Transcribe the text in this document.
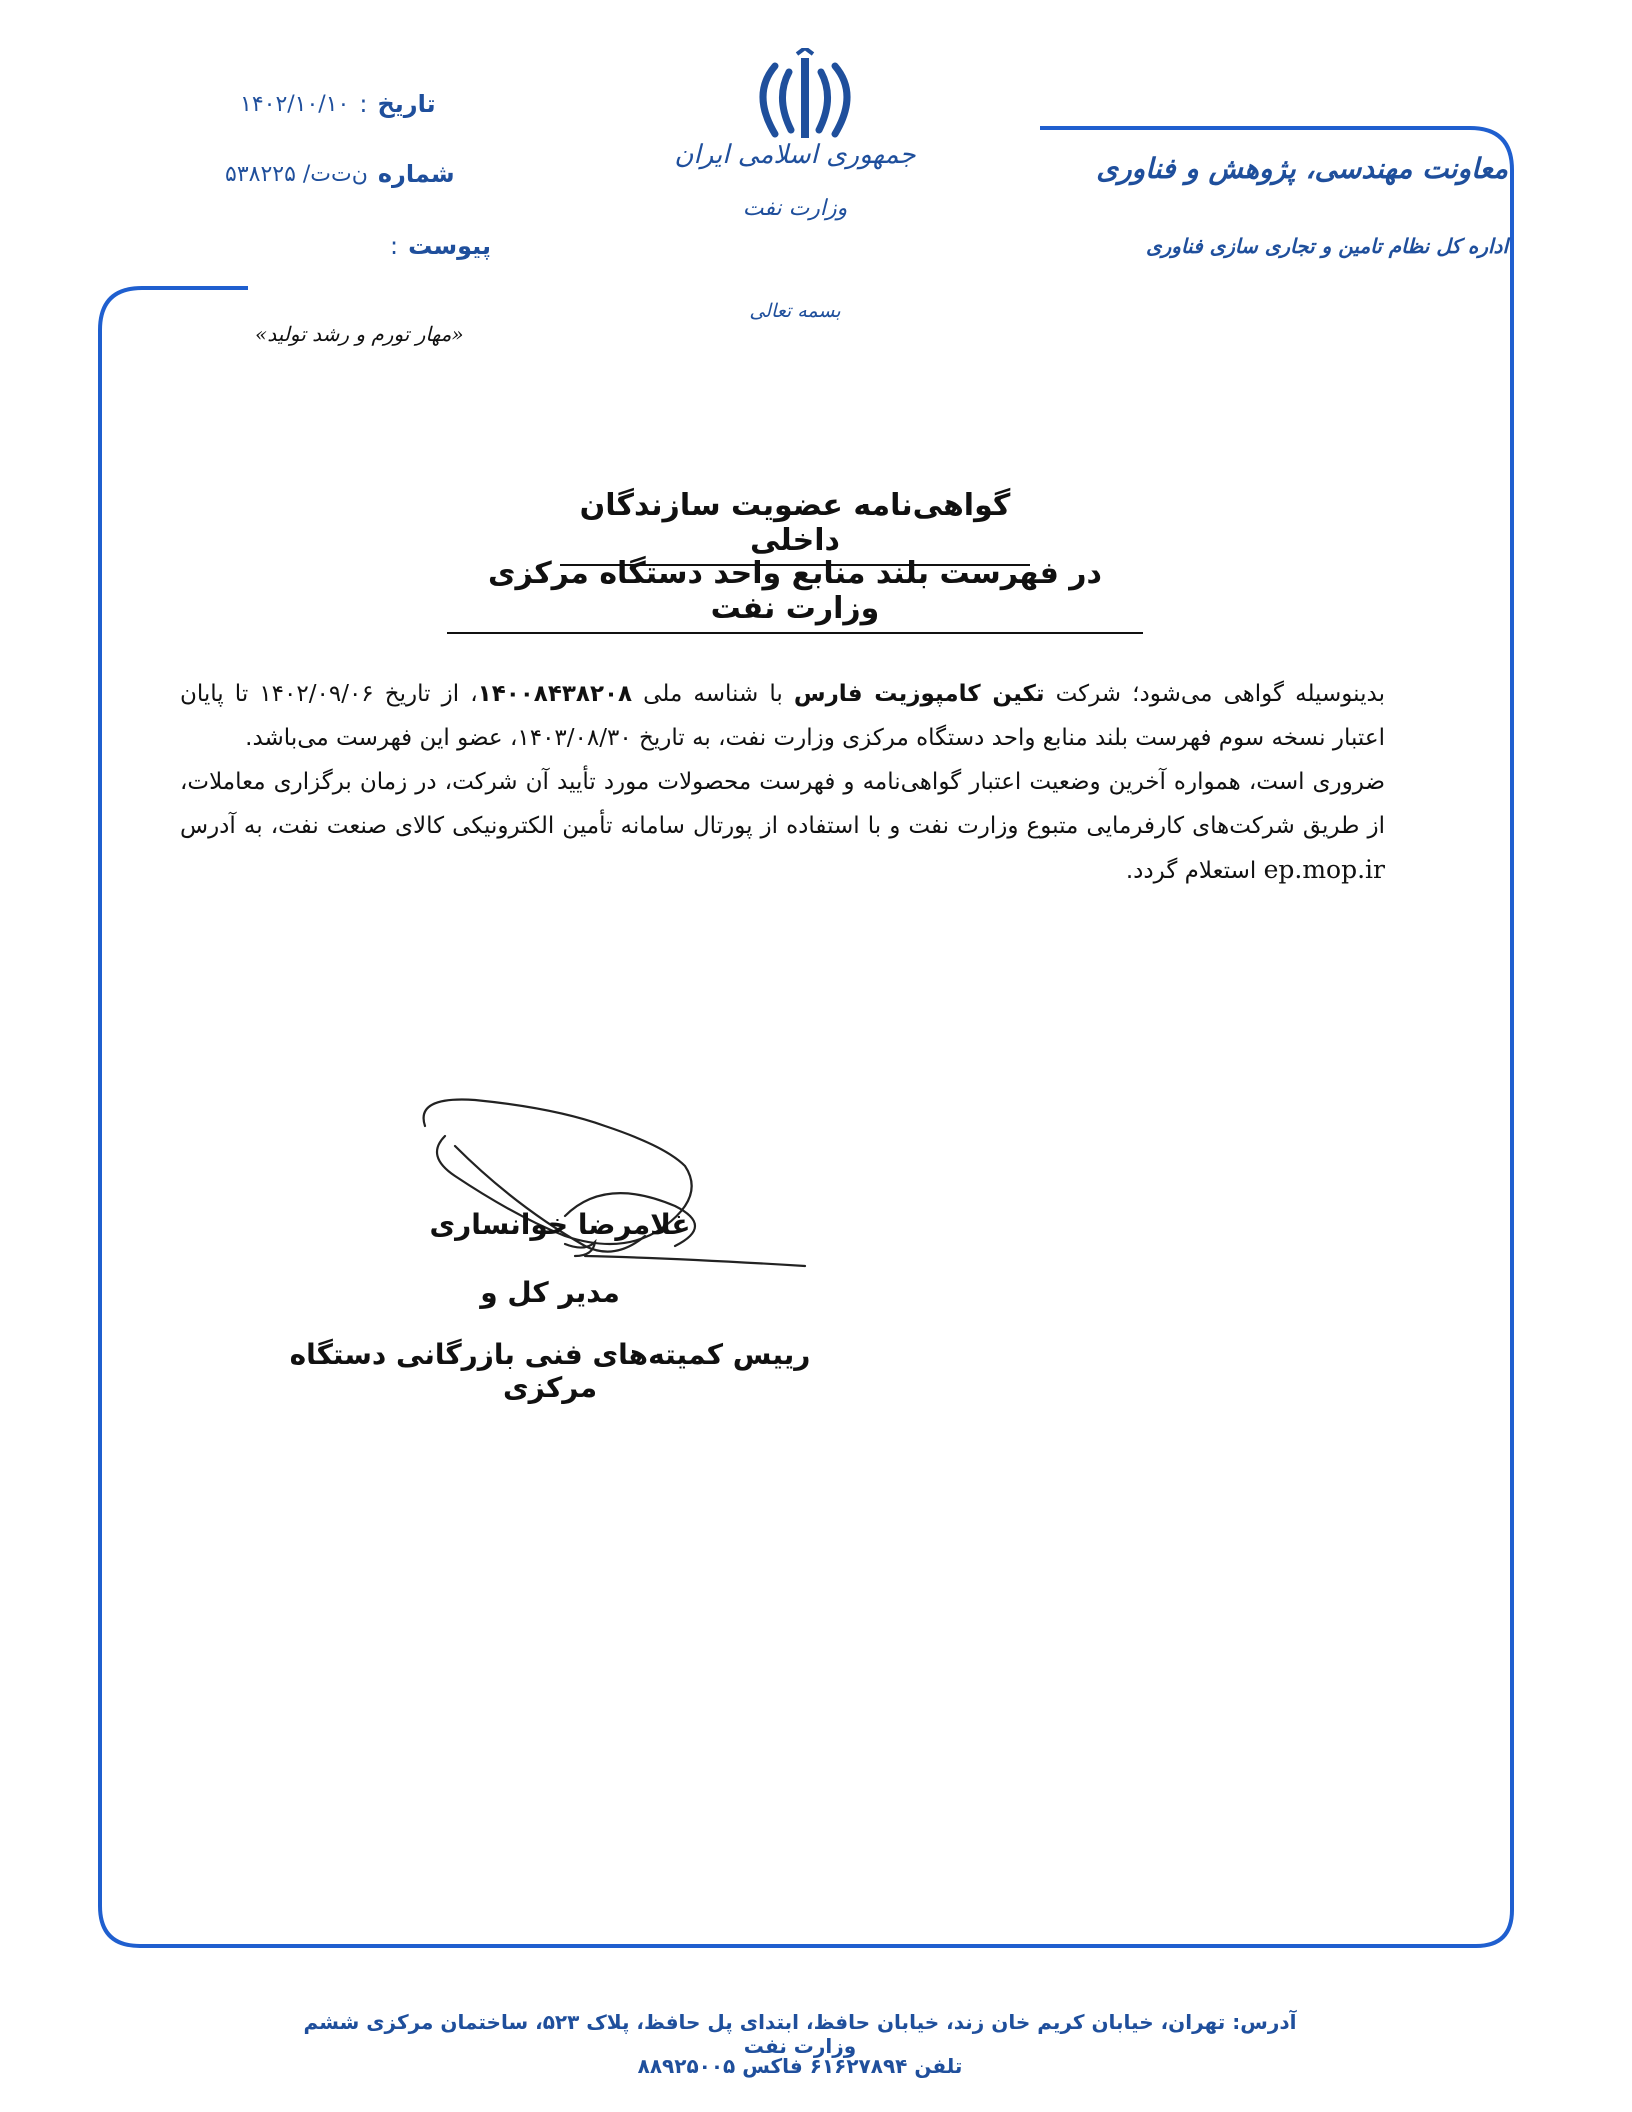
تاریخ
:
۱۴۰۲/۱۰/۱۰
شماره
ن‌ت‌ت/ ۵۳۸۲۲۵
پیوست
:
جمهوری اسلامی ایران
وزارت نفت
بسمه تعالی
معاونت مهندسی، پژوهش و فناوری
اداره کل نظام تامین و تجاری سازی فناوری
«مهار تورم و رشد تولید»
گواهی‌نامه عضویت سازندگان داخلی
در فهرست بلند منابع واحد دستگاه مرکزی وزارت نفت

بدینوسیله گواهی می‌شود؛ شرکت تکین کامپوزیت فارس با شناسه ملی ۱۴۰۰۸۴۳۸۲۰۸، از تاریخ ۱۴۰۲/۰۹/۰۶ تا پایان اعتبار نسخه سوم فهرست بلند منابع واحد دستگاه مرکزی وزارت نفت، به تاریخ ۱۴۰۳/۰۸/۳۰، عضو این فهرست می‌باشد.

ضروری است، همواره آخرین وضعیت اعتبار گواهی‌نامه و فهرست محصولات مورد تأیید آن شرکت، در زمان برگزاری معاملات، از طریق شرکت‌های کارفرمایی متبوع وزارت نفت و با استفاده از پورتال سامانه تأمین الکترونیکی کالای صنعت نفت، به آدرس ep.mop.ir استعلام گردد.

غلامرضا خوانساری
مدیر کل و
رییس کمیته‌های فنی بازرگانی دستگاه مرکزی
آدرس: تهران، خیابان کریم خان زند، خیابان حافظ، ابتدای پل حافظ، پلاک ۵۲۳، ساختمان مرکزی ششم وزارت نفت
تلفن ۶۱۶۲۷۸۹۴ فاکس ۸۸۹۲۵۰۰۵
